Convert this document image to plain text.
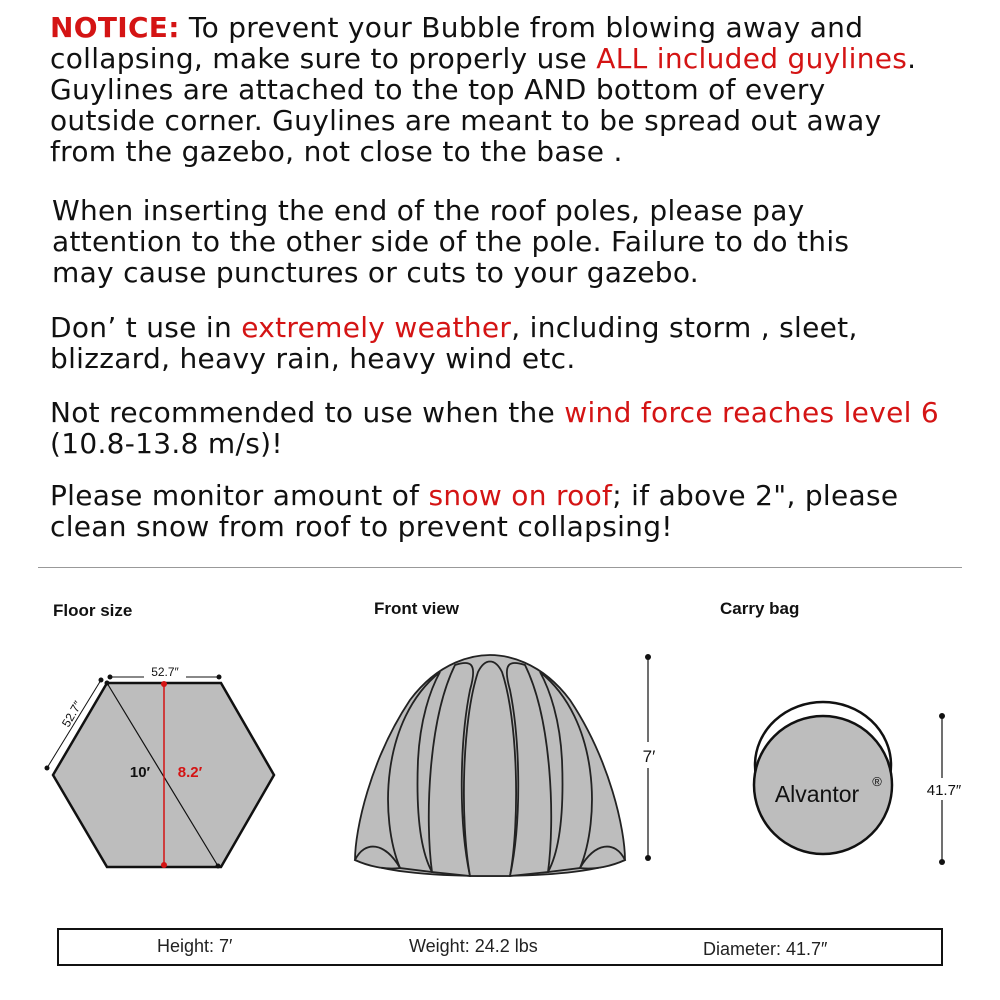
NOTICE: To prevent your Bubble from blowing away and
collapsing, make sure to properly use ALL included guylines.
Guylines are attached to the top AND bottom of every
outside corner. Guylines are meant to be spread out away
from the gazebo, not close to the base .
When inserting the end of the roof poles, please pay
attention to the other side of the pole. Failure to do this
may cause punctures or cuts to your gazebo.
Don’ t use in extremely weather, including storm , sleet,
blizzard, heavy rain, heavy wind etc.
Not recommended to use when the wind force reaches level 6
(10.8-13.8 m/s)!
Please monitor amount of snow on roof; if above 2", please
clean snow from roof to prevent collapsing!
Floor size	Front view	Carry bag
52.7″
52.7″
10′ 8.2′
7′
Alvantor ®
41.7″
Height: 7′	Weight: 24.2 lbs	Diameter: 41.7″
